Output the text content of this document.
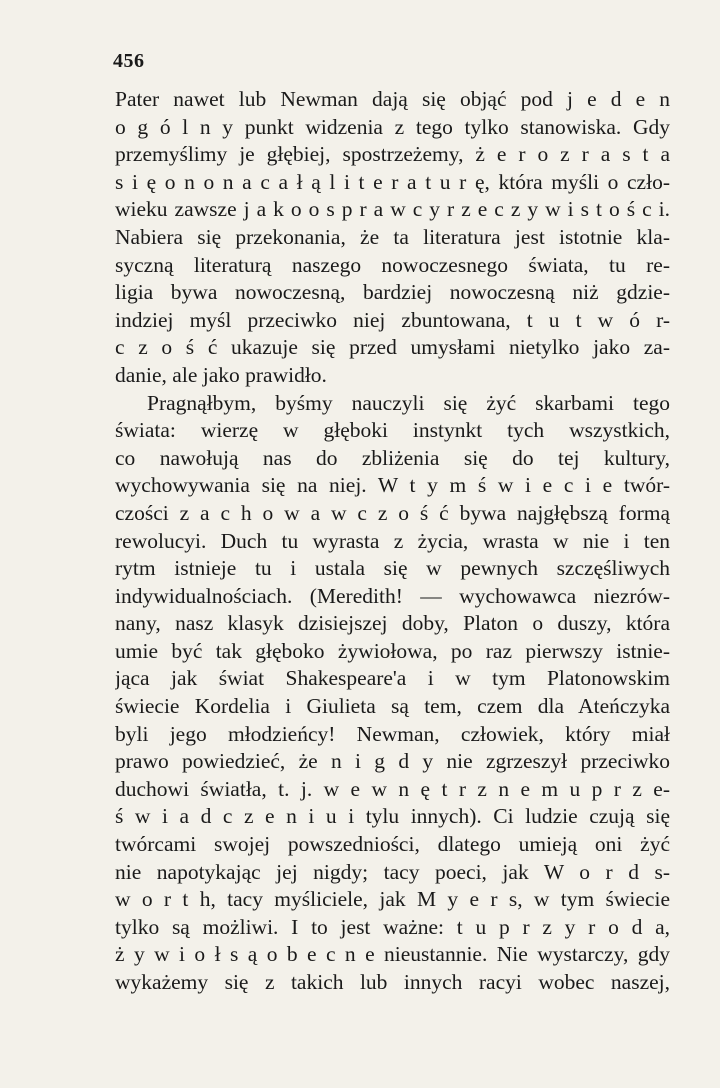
456
Pater nawet lub Newman dają się objąć pod j e d e n
o g ó l n y punkt widzenia z tego tylko stanowiska. Gdy
przemyślimy je głębiej, spostrzeżemy, ż e r o z r a s t a
s i ę o n o n a c a ł ą l i t e r a t u r ę, która myśli o czło-
wieku zawsze j a k o o s p r a w c y r z e c z y w i s t o ś c i.
Nabiera się przekonania, że ta literatura jest istotnie kla-
syczną literaturą naszego nowoczesnego świata, tu re-
ligia bywa nowoczesną, bardziej nowoczesną niż gdzie-
indziej myśl przeciwko niej zbuntowana, t u t w ó r-
c z o ś ć ukazuje się przed umysłami nietylko jako za-
danie, ale jako prawidło.
Pragnąłbym, byśmy nauczyli się żyć skarbami tego
świata: wierzę w głęboki instynkt tych wszystkich,
co nawołują nas do zbliżenia się do tej kultury,
wychowywania się na niej. W t y m ś w i e c i e twór-
czości z a c h o w a w c z o ś ć bywa najgłębszą formą
rewolucyi. Duch tu wyrasta z życia, wrasta w nie i ten
rytm istnieje tu i ustala się w pewnych szczęśliwych
indywidualnościach. (Meredith! — wychowawca niezrów-
nany, nasz klasyk dzisiejszej doby, Platon o duszy, która
umie być tak głęboko żywiołowa, po raz pierwszy istnie-
jąca jak świat Shakespeare'a i w tym Platonowskim
świecie Kordelia i Giulieta są tem, czem dla Ateńczyka
byli jego młodzieńcy! Newman, człowiek, który miał
prawo powiedzieć, że n i g d y nie zgrzeszył przeciwko
duchowi światła, t. j. w e w n ę t r z n e m u p r z e-
ś w i a d c z e n i u i tylu innych). Ci ludzie czują się
twórcami swojej powszedniości, dlatego umieją oni żyć
nie napotykając jej nigdy; tacy poeci, jak W o r d s-
w o r t h, tacy myśliciele, jak M y e r s, w tym świecie
tylko są możliwi. I to jest ważne: t u p r z y r o d a,
ż y w i o ł s ą o b e c n e nieustannie. Nie wystarczy, gdy
wykażemy się z takich lub innych racyi wobec naszej,
